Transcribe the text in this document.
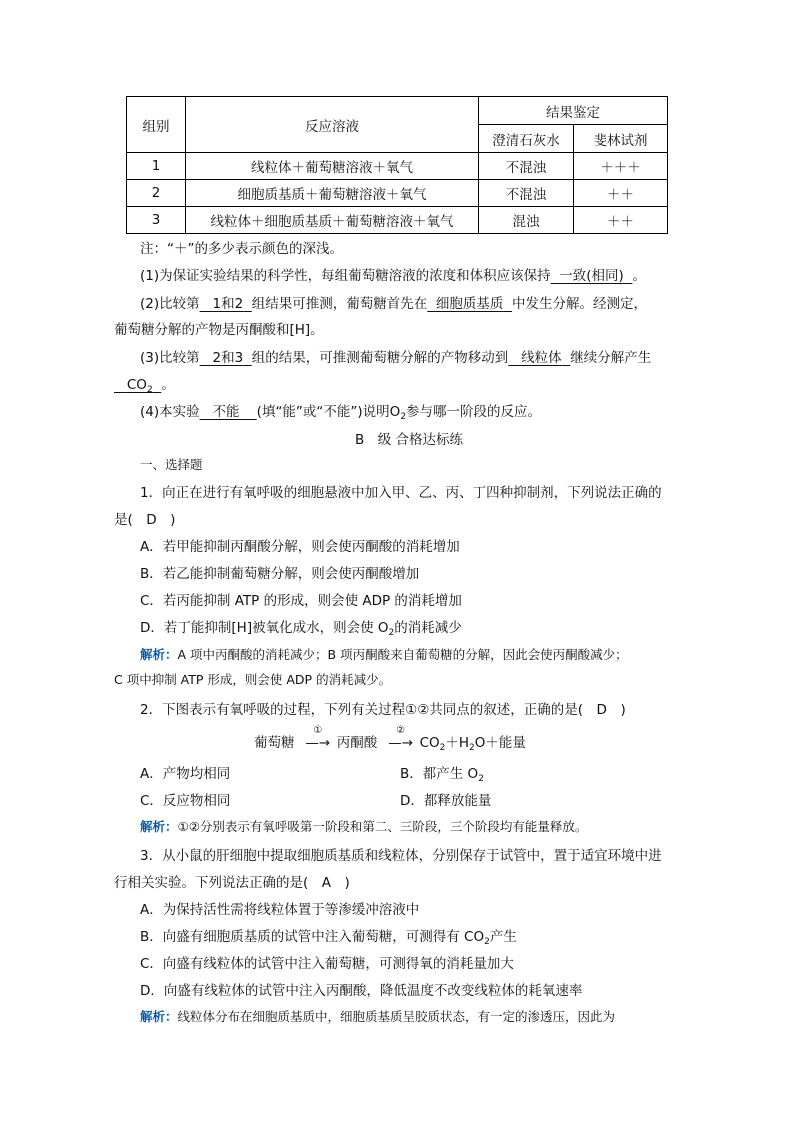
组别	反应溶液	结果鉴定	
		澄清石灰水	斐林试剂
1	线粒体＋葡萄糖溶液＋氧气	不混浊	＋＋＋
2	细胞质基质＋葡萄糖溶液＋氧气	不混浊	＋＋
3	线粒体＋细胞质基质＋葡萄糖溶液＋氧气	混浊	＋＋
注：“＋”的多少表示颜色的深浅。
(1)为保证实验结果的科学性，每组葡萄糖溶液的浓度和体积应该保持 一致(相同) 。
(2)比较第 1和2 组结果可推测，葡萄糖首先在 细胞质基质 中发生分解。经测定，
葡萄糖分解的产物是丙酮酸和[H]。
(3)比较第 2和3 组的结果，可推测葡萄糖分解的产物移动到 线粒体 继续分解产生
$CO_2$ 。
(4)本实验 不能 (填“能”或“不能”)说明$O_2$参与哪一阶段的反应。
B　级 合格达标练
一、选择题
1．向正在进行有氧呼吸的细胞悬液中加入甲、乙、丙、丁四种抑制剂，下列说法正确的
是(　D　)
A．若甲能抑制丙酮酸分解，则会使丙酮酸的消耗增加
B．若乙能抑制葡萄糖分解，则会使丙酮酸增加
C．若丙能抑制 ATP 的形成，则会使 ADP 的消耗增加
D．若丁能抑制[H]被氧化成水，则会使 $O_2$的消耗减少
解析：A 项中丙酮酸的消耗减少；B 项丙酮酸来自葡萄糖的分解，因此会使丙酮酸减少；
C 项中抑制 ATP 形成，则会使 ADP 的消耗减少。
2．下图表示有氧呼吸的过程，下列有关过程①②共同点的叙述，正确的是(　D　)
葡萄糖
①
—→ 丙酮酸
②
—→ $CO_2+H_2O+$能量
A．产物均相同	B．都产生 $O_2$
C．反应物相同	D．都释放能量
解析：①②分别表示有氧呼吸第一阶段和第二、三阶段，三个阶段均有能量释放。
3．从小鼠的肝细胞中提取细胞质基质和线粒体，分别保存于试管中，置于适宜环境中进
行相关实验。下列说法正确的是(　A　)
A．为保持活性需将线粒体置于等渗缓冲溶液中
B．向盛有细胞质基质的试管中注入葡萄糖，可测得有 $CO_2$产生
C．向盛有线粒体的试管中注入葡萄糖，可测得氧的消耗量加大
D．向盛有线粒体的试管中注入丙酮酸，降低温度不改变线粒体的耗氧速率
解析：线粒体分布在细胞质基质中，细胞质基质呈胶质状态，有一定的渗透压，因此为
